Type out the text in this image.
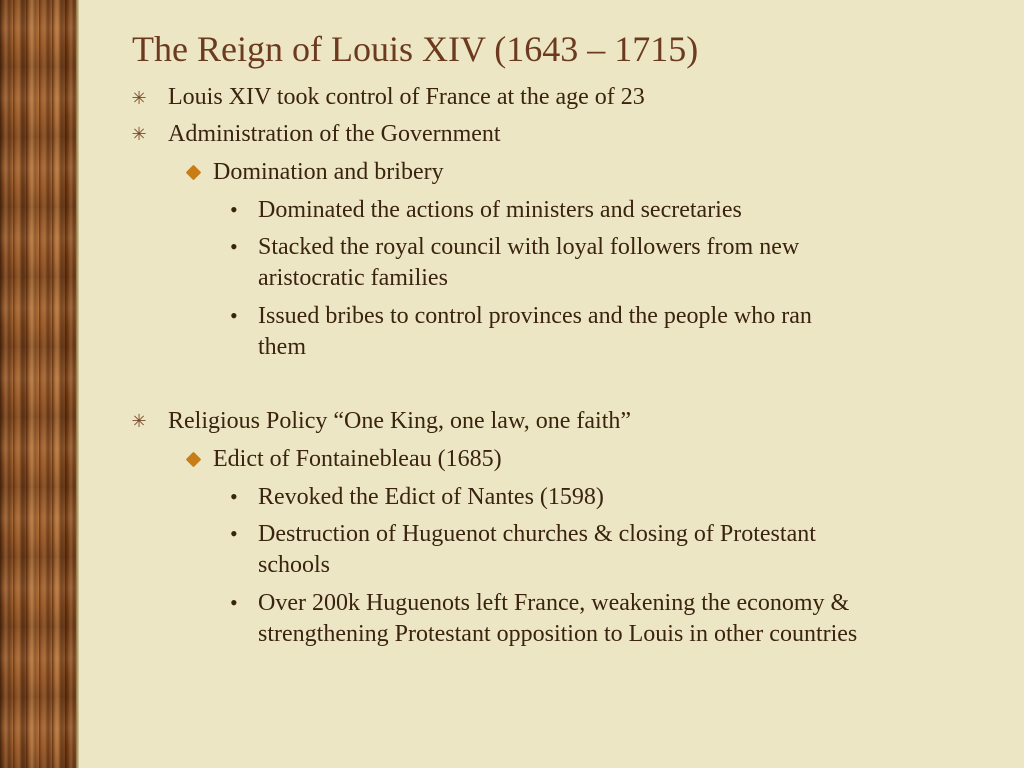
The Reign of Louis XIV (1643 – 1715)
✳ Louis XIV took control of France at the age of 23
✳ Administration of the Government
Domination and bribery
• Dominated the actions of ministers and secretaries
• Stacked the royal council with loyal followers from new
aristocratic families
• Issued bribes to control provinces and the people who ran
them
✳ Religious Policy “One King, one law, one faith”
Edict of Fontainebleau (1685)
• Revoked the Edict of Nantes (1598)
• Destruction of Huguenot churches & closing of Protestant
schools
• Over 200k Huguenots left France, weakening the economy &
strengthening Protestant opposition to Louis in other countries
